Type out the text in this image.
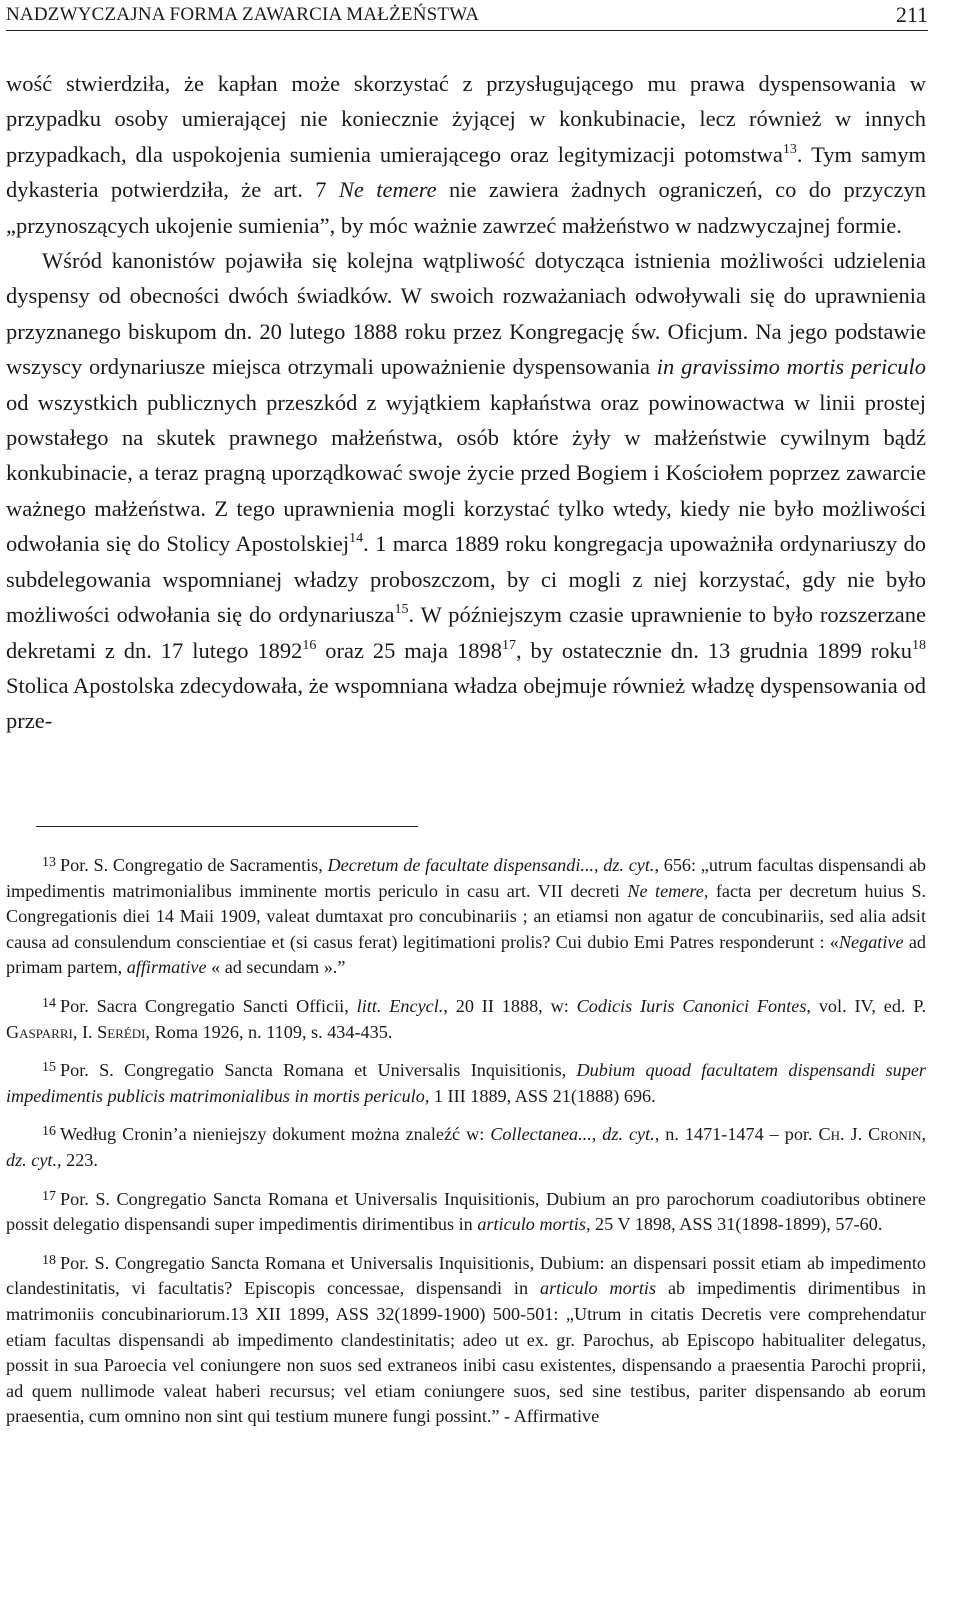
NADZWYCZAJNA FORMA ZAWARCIA MAŁŻEŃSTWA	211

wość stwierdziła, że kapłan może skorzystać z przysługującego mu prawa dyspensowania w przypadku osoby umierającej nie koniecznie żyjącej w konkubinacie, lecz również w innych przypadkach, dla uspokojenia sumienia umierającego oraz legitymizacji potomstwa$^{13}$. Tym samym dykasteria potwierdziła, że art. 7 Ne temere nie zawiera żadnych ograniczeń, co do przyczyn „przynoszących ukojenie sumienia”, by móc ważnie zawrzeć małżeństwo w nadzwyczajnej formie.

Wśród kanonistów pojawiła się kolejna wątpliwość dotycząca istnienia możliwości udzielenia dyspensy od obecności dwóch świadków. W swoich rozważaniach odwoływali się do uprawnienia przyznanego biskupom dn. 20 lutego 1888 roku przez Kongregację św. Oficjum. Na jego podstawie wszyscy ordynariusze miejsca otrzymali upoważnienie dyspensowania in gravissimo mortis periculo od wszystkich publicznych przeszkód z wyjątkiem kapłaństwa oraz powinowactwa w linii prostej powstałego na skutek prawnego małżeństwa, osób które żyły w małżeństwie cywilnym bądź konkubinacie, a teraz pragną uporządkować swoje życie przed Bogiem i Kościołem poprzez zawarcie ważnego małżeństwa. Z tego uprawnienia mogli korzystać tylko wtedy, kiedy nie było możliwości odwołania się do Stolicy Apostolskiej$^{14}$. 1 marca 1889 roku kongregacja upoważniła ordynariuszy do subdelegowania wspomnianej władzy proboszczom, by ci mogli z niej korzystać, gdy nie było możliwości odwołania się do ordynariusza$^{15}$. W późniejszym czasie uprawnienie to było rozszerzane dekretami z dn. 17 lutego 1892$^{16}$ oraz 25 maja 1898$^{17}$, by ostatecznie dn. 13 grudnia 1899 roku$^{18}$ Stolica Apostolska zdecydowała, że wspomniana władza obejmuje również władzę dyspensowania od prze-

$^{13}$ Por. S. Congregatio de Sacramentis, Decretum de facultate dispensandi..., dz. cyt., 656: „utrum facultas dispensandi ab impedimentis matrimonialibus imminente mortis periculo in casu art. VII decreti Ne temere, facta per decretum huius S. Congregationis diei 14 Maii 1909, valeat dumtaxat pro concubinariis ; an etiamsi non agatur de concubinariis, sed alia adsit causa ad consulendum conscientiae et (si casus ferat) legitimationi prolis? Cui dubio Emi Patres responderunt : «Negative ad primam partem, affirmative « ad secundam ».”

$^{14}$ Por. Sacra Congregatio Sancti Officii, litt. Encycl., 20 II 1888, w: Codicis Iuris Canonici Fontes, vol. IV, ed. P. Gasparri, I. Serédi, Roma 1926, n. 1109, s. 434-435.

$^{15}$ Por. S. Congregatio Sancta Romana et Universalis Inquisitionis, Dubium quoad facultatem dispensandi super impedimentis publicis matrimonialibus in mortis periculo, 1 III 1889, ASS 21(1888) 696.

$^{16}$ Według Cronin’a nieniejszy dokument można znaleźć w: Collectanea..., dz. cyt., n. 1471-1474 – por. Ch. J. Cronin, dz. cyt., 223.

$^{17}$ Por. S. Congregatio Sancta Romana et Universalis Inquisitionis, Dubium an pro parochorum coadiutoribus obtinere possit delegatio dispensandi super impedimentis dirimentibus in articulo mortis, 25 V 1898, ASS 31(1898-1899), 57-60.

$^{18}$ Por. S. Congregatio Sancta Romana et Universalis Inquisitionis, Dubium: an dispensari possit etiam ab impedimento clandestinitatis, vi facultatis? Episcopis concessae, dispensandi in articulo mortis ab impedimentis dirimentibus in matrimoniis concubinariorum.13 XII 1899, ASS 32(1899-1900) 500-501: „Utrum in citatis Decretis vere comprehendatur etiam facultas dispensandi ab impedimento clandestinitatis; adeo ut ex. gr. Parochus, ab Episcopo habitualiter delegatus, possit in sua Paroecia vel coniungere non suos sed extraneos inibi casu existentes, dispensando a praesentia Parochi proprii, ad quem nullimode valeat haberi recursus; vel etiam coniungere suos, sed sine testibus, pariter dispensando ab eorum praesentia, cum omnino non sint qui testium munere fungi possint.” - Affirmative
